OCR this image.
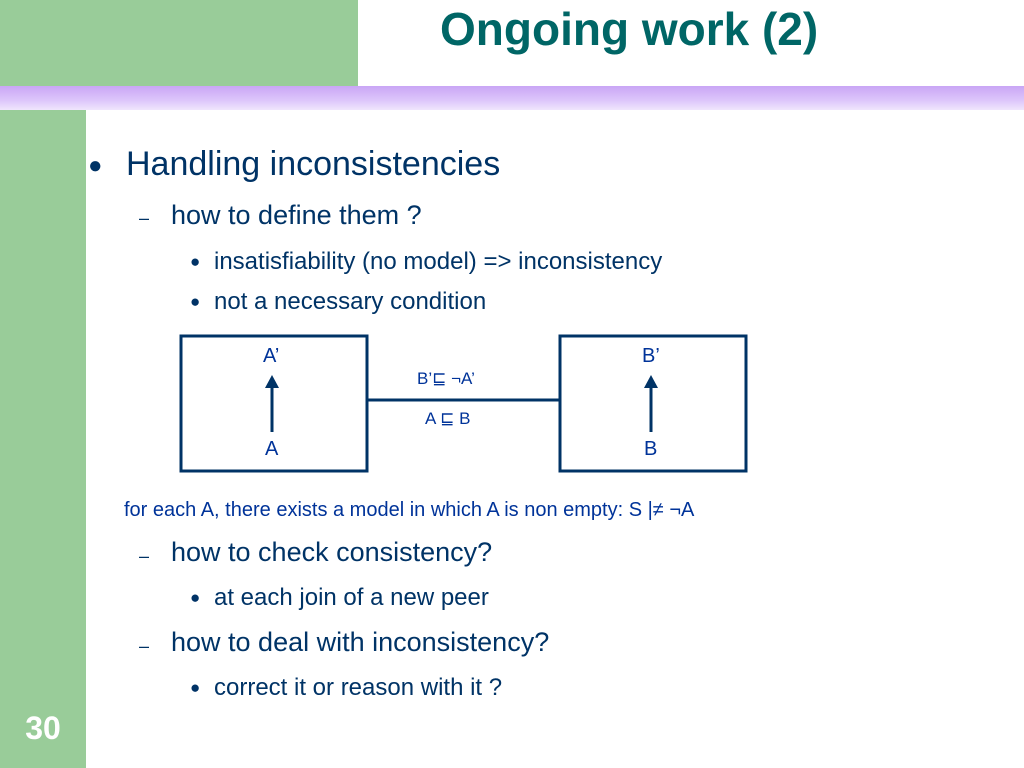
Ongoing work (2)
30
● Handling inconsistencies
– how to define them ?
● insatisfiability (no model) => inconsistency
● not a necessary condition
A’
A
B’
B
B’⊑ ¬A’
A ⊑ B
for each A, there exists a model in which A is non empty: S |≠ ¬A
– how to check consistency?
● at each join of a new peer
– how to deal with inconsistency?
● correct it or reason with it ?
